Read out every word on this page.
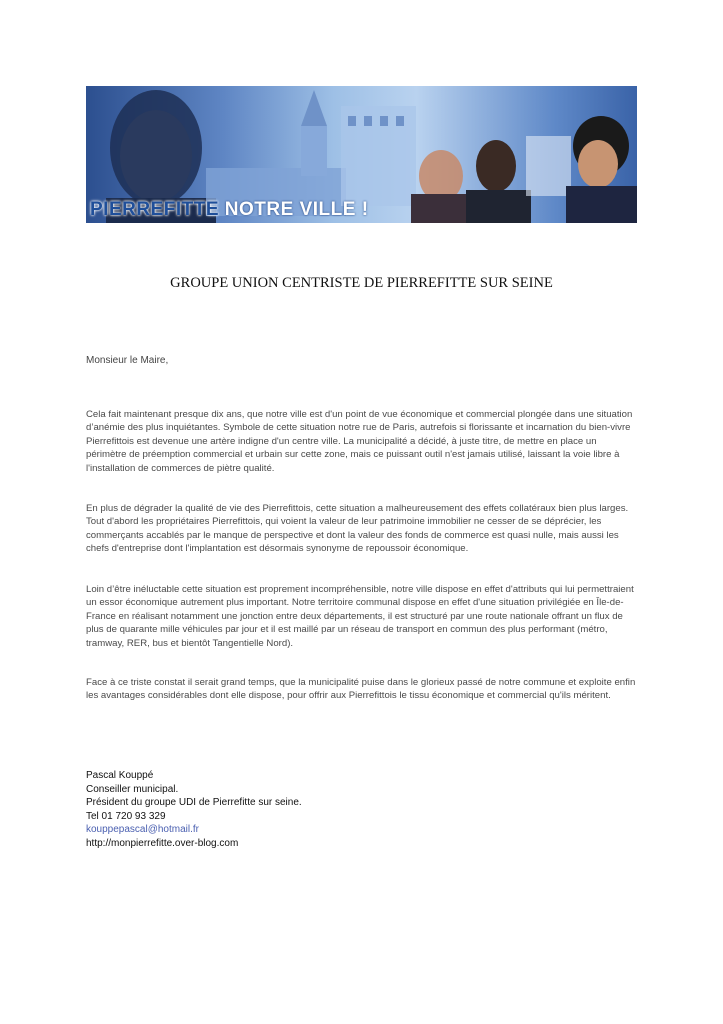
PIERREFITTE NOTRE VILLE !
GROUPE UNION CENTRISTE DE PIERREFITTE SUR SEINE
Monsieur le Maire,

Cela fait maintenant presque dix ans, que notre ville est d'un point de vue économique et commercial plongée dans une situation d’anémie des plus inquiétantes. Symbole de cette situation notre rue de Paris, autrefois si florissante et incarnation du bien-vivre Pierrefittois est devenue une artère indigne d'un centre ville. La municipalité a décidé, à juste titre, de mettre en place un périmètre de préemption commercial et urbain sur cette zone, mais ce puissant outil n'est jamais utilisé, laissant la voie libre à l'installation de commerces de piètre qualité.

En plus de dégrader la qualité de vie des Pierrefittois, cette situation a malheureusement des effets collatéraux bien plus larges. Tout d'abord les propriétaires Pierrefittois, qui voient la valeur de leur patrimoine immobilier ne cesser de se déprécier, les commerçants accablés par le manque de perspective et dont la valeur des fonds de commerce est quasi nulle, mais aussi les chefs d'entreprise dont l'implantation est désormais synonyme de repoussoir économique.

Loin d’être inéluctable cette situation est proprement incompréhensible, notre ville dispose en effet d'attributs qui lui permettraient un essor économique autrement plus important. Notre territoire communal dispose en effet d'une situation privilégiée en Île-de-France en réalisant notamment une jonction entre deux départements, il est structuré par une route nationale offrant un flux de plus de quarante mille véhicules par jour et il est maillé par un réseau de transport en commun des plus performant (métro, tramway, RER, bus et bientôt Tangentielle Nord).

Face à ce triste constat il serait grand temps, que la municipalité puise dans le glorieux passé de notre commune et exploite enfin les avantages considérables dont elle dispose, pour offrir aux Pierrefittois le tissu économique et commercial qu'ils méritent.

Pascal Kouppé
Conseiller municipal.
Président du groupe UDI de Pierrefitte sur seine.
Tel 01 720 93 329
kouppepascal@hotmail.fr
http://monpierrefitte.over-blog.com
